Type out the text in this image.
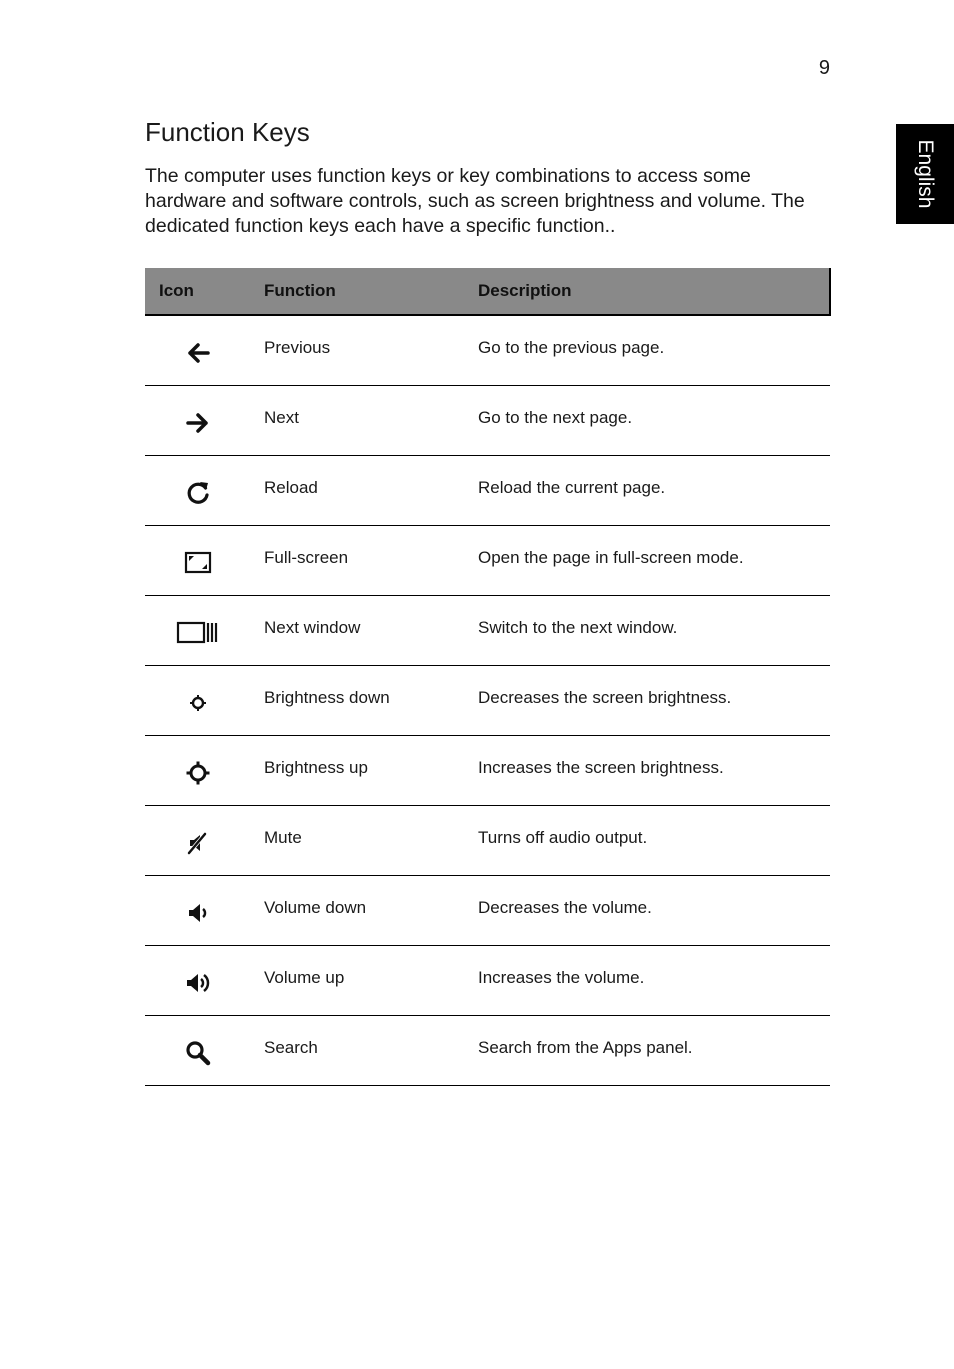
9
English
Function Keys

The computer uses function keys or key combinations to access some hardware and software controls, such as screen brightness and volume. The dedicated function keys each have a specific function..

Icon	Function	Description
	Previous	Go to the previous page.
	Next	Go to the next page.
	Reload	Reload the current page.
	Full-screen	Open the page in full-screen mode.
	Next window	Switch to the next window.
	Brightness down	Decreases the screen brightness.
	Brightness up	Increases the screen brightness.
	Mute	Turns off audio output.
	Volume down	Decreases the volume.
	Volume up	Increases the volume.
	Search	Search from the Apps panel.
